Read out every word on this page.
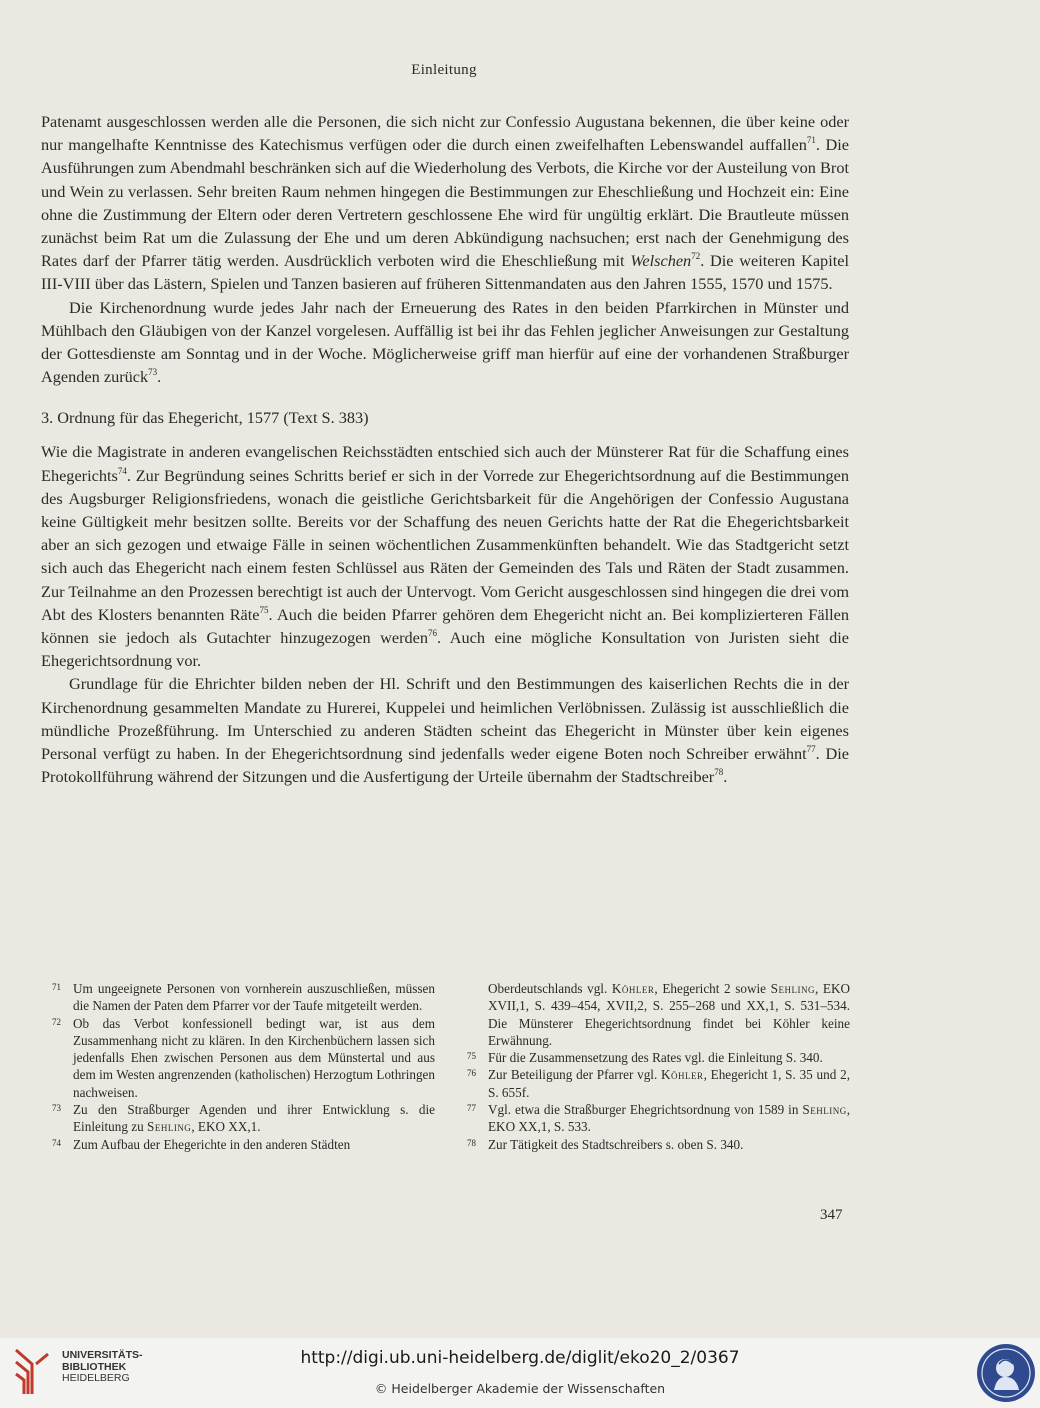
Einleitung

Patenamt ausgeschlossen werden alle die Personen, die sich nicht zur Confessio Augustana bekennen, die über keine oder nur mangelhafte Kenntnisse des Katechismus verfügen oder die durch einen zweifelhaften Lebenswandel auffallen$^{71}$. Die Ausführungen zum Abendmahl beschränken sich auf die Wiederholung des Verbots, die Kirche vor der Austeilung von Brot und Wein zu verlassen. Sehr breiten Raum nehmen hingegen die Bestimmungen zur Eheschließung und Hochzeit ein: Eine ohne die Zustimmung der Eltern oder deren Vertretern geschlossene Ehe wird für ungültig erklärt. Die Brautleute müssen zunächst beim Rat um die Zulassung der Ehe und um deren Abkündigung nachsuchen; erst nach der Genehmigung des Rates darf der Pfarrer tätig werden. Ausdrücklich verboten wird die Eheschließung mit Welschen$^{72}$. Die weiteren Kapitel III-VIII über das Lästern, Spielen und Tanzen basieren auf früheren Sittenmandaten aus den Jahren 1555, 1570 und 1575.

Die Kirchenordnung wurde jedes Jahr nach der Erneuerung des Rates in den beiden Pfarrkirchen in Münster und Mühlbach den Gläubigen von der Kanzel vorgelesen. Auffällig ist bei ihr das Fehlen jeglicher Anweisungen zur Gestaltung der Gottesdienste am Sonntag und in der Woche. Möglicherweise griff man hierfür auf eine der vorhandenen Straßburger Agenden zurück$^{73}$.

3. Ordnung für das Ehegericht, 1577 (Text S. 383)

Wie die Magistrate in anderen evangelischen Reichsstädten entschied sich auch der Münsterer Rat für die Schaffung eines Ehegerichts$^{74}$. Zur Begründung seines Schritts berief er sich in der Vorrede zur Ehegerichtsordnung auf die Bestimmungen des Augsburger Religionsfriedens, wonach die geistliche Gerichtsbarkeit für die Angehörigen der Confessio Augustana keine Gültigkeit mehr besitzen sollte. Bereits vor der Schaffung des neuen Gerichts hatte der Rat die Ehegerichtsbarkeit aber an sich gezogen und etwaige Fälle in seinen wöchentlichen Zusammenkünften behandelt. Wie das Stadtgericht setzt sich auch das Ehegericht nach einem festen Schlüssel aus Räten der Gemeinden des Tals und Räten der Stadt zusammen. Zur Teilnahme an den Prozessen berechtigt ist auch der Untervogt. Vom Gericht ausgeschlossen sind hingegen die drei vom Abt des Klosters benannten Räte$^{75}$. Auch die beiden Pfarrer gehören dem Ehegericht nicht an. Bei komplizierteren Fällen können sie jedoch als Gutachter hinzugezogen werden$^{76}$. Auch eine mögliche Konsultation von Juristen sieht die Ehegerichtsordnung vor.

Grundlage für die Ehrichter bilden neben der Hl. Schrift und den Bestimmungen des kaiserlichen Rechts die in der Kirchenordnung gesammelten Mandate zu Hurerei, Kuppelei und heimlichen Verlöbnissen. Zulässig ist ausschließlich die mündliche Prozeßführung. Im Unterschied zu anderen Städten scheint das Ehegericht in Münster über kein eigenes Personal verfügt zu haben. In der Ehegerichtsordnung sind jedenfalls weder eigene Boten noch Schreiber erwähnt$^{77}$. Die Protokollführung während der Sitzungen und die Ausfertigung der Urteile übernahm der Stadtschreiber$^{78}$.

71 Um ungeeignete Personen von vornherein auszuschließen, müssen die Namen der Paten dem Pfarrer vor der Taufe mitgeteilt werden.
72 Ob das Verbot konfessionell bedingt war, ist aus dem Zusammenhang nicht zu klären. In den Kirchenbüchern lassen sich jedenfalls Ehen zwischen Personen aus dem Münstertal und aus dem im Westen angrenzenden (katholischen) Herzogtum Lothringen nachweisen.
73 Zu den Straßburger Agenden und ihrer Entwicklung s. die Einleitung zu Sehling, EKO XX,1.
74 Zum Aufbau der Ehegerichte in den anderen Städten
Oberdeutschlands vgl. Köhler, Ehegericht 2 sowie Sehling, EKO XVII,1, S. 439–454, XVII,2, S. 255–268 und XX,1, S. 531–534. Die Münsterer Ehegerichtsordnung findet bei Köhler keine Erwähnung.
75 Für die Zusammensetzung des Rates vgl. die Einleitung S. 340.
76 Zur Beteiligung der Pfarrer vgl. Köhler, Ehegericht 1, S. 35 und 2, S. 655f.
77 Vgl. etwa die Straßburger Ehegrichtsordnung von 1589 in Sehling, EKO XX,1, S. 533.
78 Zur Tätigkeit des Stadtschreibers s. oben S. 340.
347
UNIVERSITÄTS-
BIBLIOTHEK
HEIDELBERG
http://digi.ub.uni-heidelberg.de/diglit/eko20_2/0367
© Heidelberger Akademie der Wissenschaften
